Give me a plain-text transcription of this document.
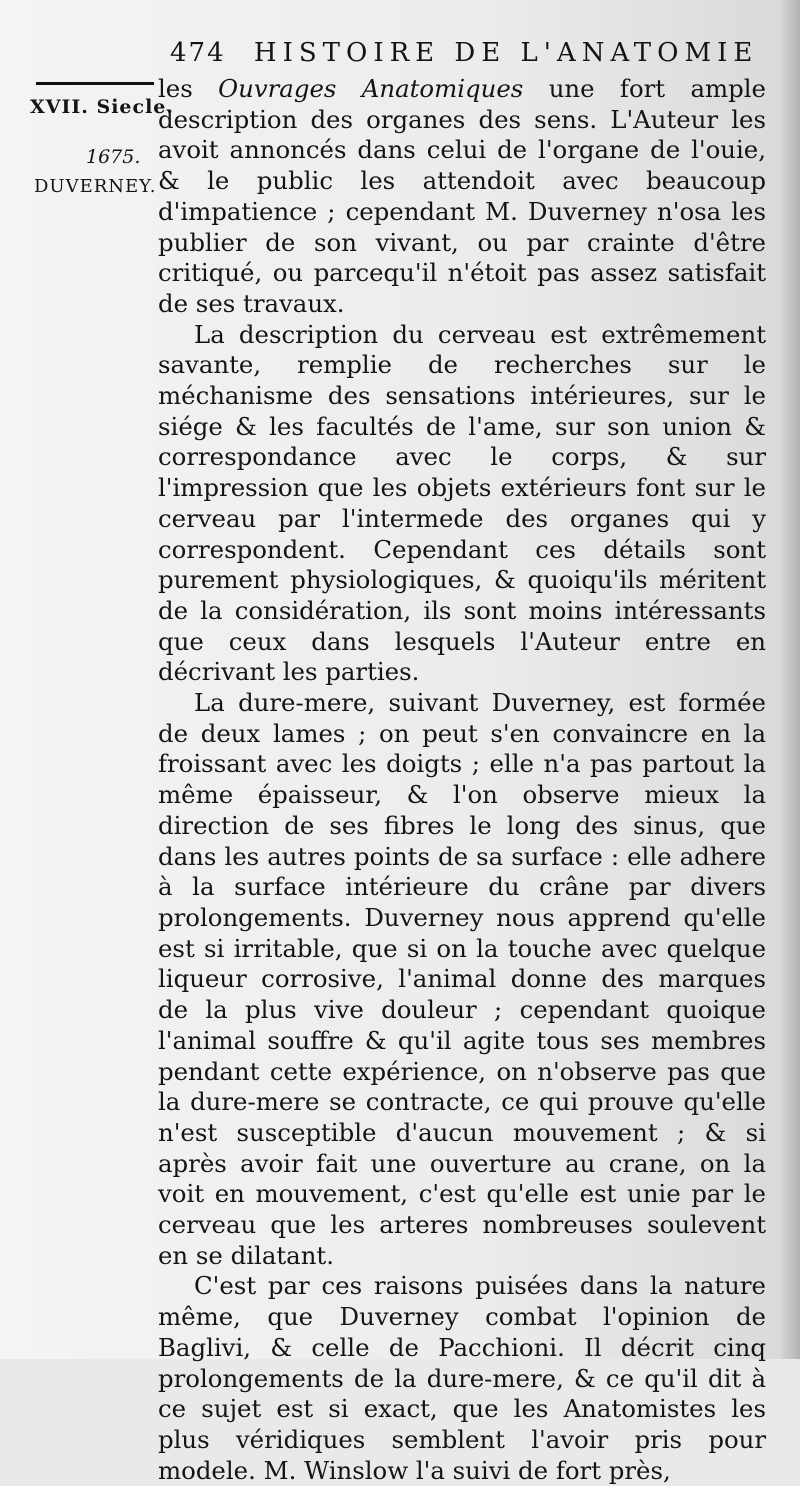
474 HISTOIRE DE L'ANATOMIE
XVII. Siecle.
1675.
DUVERNEY.

les Ouvrages Anatomiques une fort ample description des organes des sens. L'Auteur les avoit annoncés dans celui de l'organe de l'ouie, & le public les attendoit avec beaucoup d'impatience ; cependant M. Duverney n'osa les publier de son vivant, ou par crainte d'être critiqué, ou parcequ'il n'étoit pas assez satisfait de ses travaux.

La description du cerveau est extrêmement savante, remplie de recherches sur le méchanisme des sensations intérieures, sur le siége & les facultés de l'ame, sur son union & correspondance avec le corps, & sur l'impression que les objets extérieurs font sur le cerveau par l'intermede des organes qui y correspondent. Cependant ces détails sont purement physiologiques, & quoiqu'ils méritent de la considération, ils sont moins intéressants que ceux dans lesquels l'Auteur entre en décrivant les parties.

La dure-mere, suivant Duverney, est formée de deux lames ; on peut s'en convaincre en la froissant avec les doigts ; elle n'a pas partout la même épaisseur, & l'on observe mieux la direction de ses fibres le long des sinus, que dans les autres points de sa surface : elle adhere à la surface intérieure du crâne par divers prolongements. Duverney nous apprend qu'elle est si irritable, que si on la touche avec quelque liqueur corrosive, l'animal donne des marques de la plus vive douleur ; cependant quoique l'animal souffre & qu'il agite tous ses membres pendant cette expérience, on n'observe pas que la dure-mere se contracte, ce qui prouve qu'elle n'est susceptible d'aucun mouvement ; & si après avoir fait une ouverture au crane, on la voit en mouvement, c'est qu'elle est unie par le cerveau que les arteres nombreuses soulevent en se dilatant.

C'est par ces raisons puisées dans la nature même, que Duverney combat l'opinion de Baglivi, & celle de Pacchioni. Il décrit cinq prolongements de la dure-mere, & ce qu'il dit à ce sujet est si exact, que les Anatomistes les plus véridiques semblent l'avoir pris pour modele. M. Winslow l'a suivi de fort près,
